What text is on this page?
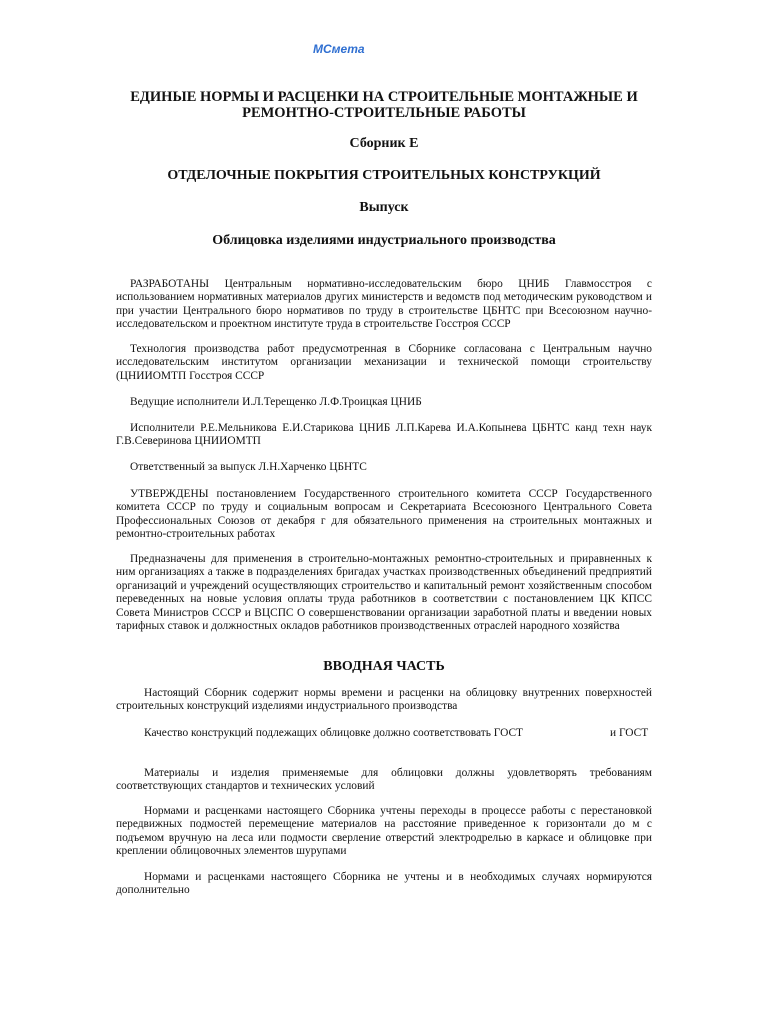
МСмета
ЕДИНЫЕ НОРМЫ И РАСЦЕНКИ НА СТРОИТЕЛЬНЫЕ МОНТАЖНЫЕ И
РЕМОНТНО-СТРОИТЕЛЬНЫЕ РАБОТЫ
Сборник Е
ОТДЕЛОЧНЫЕ ПОКРЫТИЯ СТРОИТЕЛЬНЫХ КОНСТРУКЦИЙ
Выпуск
Облицовка изделиями индустриального производства
РАЗРАБОТАНЫ Центральным нормативно-исследовательским бюро ЦНИБ Главмосстроя с использованием нормативных материалов других министерств и ведомств под методическим руководством и при участии Центрального бюро нормативов по труду в строительстве ЦБНТС при Всесоюзном научно-исследовательском и проектном институте труда в строительстве Госстроя СССР
Технология производства работ предусмотренная в Сборнике согласована с Центральным научно исследовательским институтом организации механизации и технической помощи строительству (ЦНИИОМТП Госстроя СССР
Ведущие исполнители И.Л.Терещенко Л.Ф.Троицкая ЦНИБ
Исполнители Р.Е.Мельникова Е.И.Старикова ЦНИБ Л.П.Карева И.А.Копынева ЦБНТС канд техн наук Г.В.Северинова ЦНИИОМТП
Ответственный за выпуск Л.Н.Харченко ЦБНТС
УТВЕРЖДЕНЫ постановлением Государственного строительного комитета СССР Государственного комитета СССР по труду и социальным вопросам и Секретариата Всесоюзного Центрального Совета Профессиональных Союзов от декабря г для обязательного применения на строительных монтажных и ремонтно-строительных работах
Предназначены для применения в строительно-монтажных ремонтно-строительных и приравненных к ним организациях а также в подразделениях бригадах участках производственных объединений предприятий организаций и учреждений осуществляющих строительство и капитальный ремонт хозяйственным способом переведенных на новые условия оплаты труда работников в соответствии с постановлением ЦК КПСС Совета Министров СССР и ВЦСПС О совершенствовании организации заработной платы и введении новых тарифных ставок и должностных окладов работников производственных отраслей народного хозяйства
ВВОДНАЯ ЧАСТЬ
Настоящий Сборник содержит нормы времени и расценки на облицовку внутренних поверхностей строительных конструкций изделиями индустриального производства
Качество конструкций подлежащих облицовке должно соответствовать ГОСТ	и ГОСТ
Материалы и изделия применяемые для облицовки должны удовлетворять требованиям соответствующих стандартов и технических условий
Нормами и расценками настоящего Сборника учтены переходы в процессе работы с перестановкой передвижных подмостей перемещение материалов на расстояние приведенное к горизонтали до м с подъемом вручную на леса или подмости сверление отверстий электродрелью в каркасе и облицовке при креплении облицовочных элементов шурупами
Нормами и расценками настоящего Сборника не учтены и в необходимых случаях нормируются дополнительно
